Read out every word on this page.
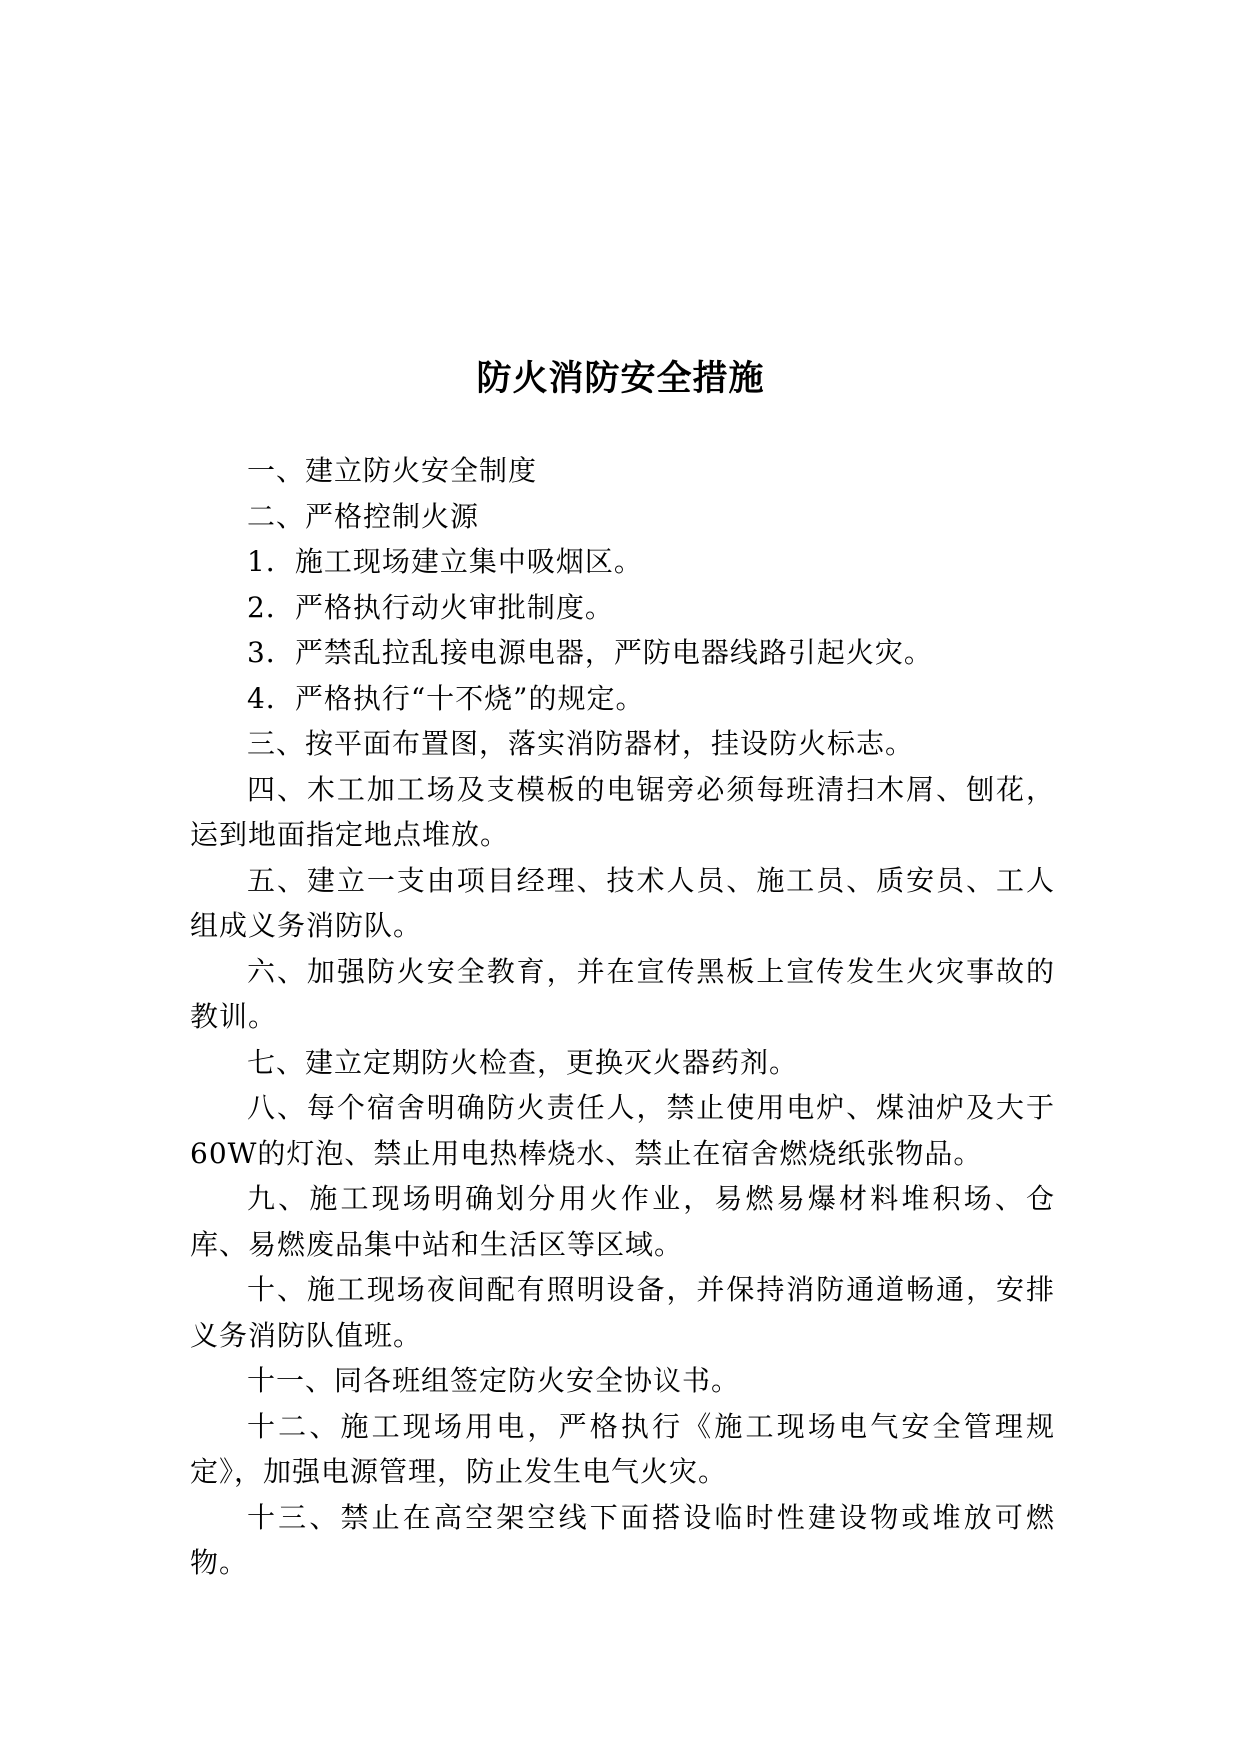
防火消防安全措施

一、建立防火安全制度

二、严格控制火源

1．施工现场建立集中吸烟区。

2．严格执行动火审批制度。

3．严禁乱拉乱接电源电器，严防电器线路引起火灾。

4．严格执行“十不烧”的规定。

三、按平面布置图，落实消防器材，挂设防火标志。

四、木工加工场及支模板的电锯旁必须每班清扫木屑、刨花，运到地面指定地点堆放。

五、建立一支由项目经理、技术人员、施工员、质安员、工人组成义务消防队。

六、加强防火安全教育，并在宣传黑板上宣传发生火灾事故的教训。

七、建立定期防火检查，更换灭火器药剂。

八、每个宿舍明确防火责任人，禁止使用电炉、煤油炉及大于60W的灯泡、禁止用电热棒烧水、禁止在宿舍燃烧纸张物品。

九、施工现场明确划分用火作业，易燃易爆材料堆积场、仓库、易燃废品集中站和生活区等区域。

十、施工现场夜间配有照明设备，并保持消防通道畅通，安排义务消防队值班。

十一、同各班组签定防火安全协议书。

十二、施工现场用电，严格执行《施工现场电气安全管理规定》，加强电源管理，防止发生电气火灾。

十三、禁止在高空架空线下面搭设临时性建设物或堆放可燃物。
